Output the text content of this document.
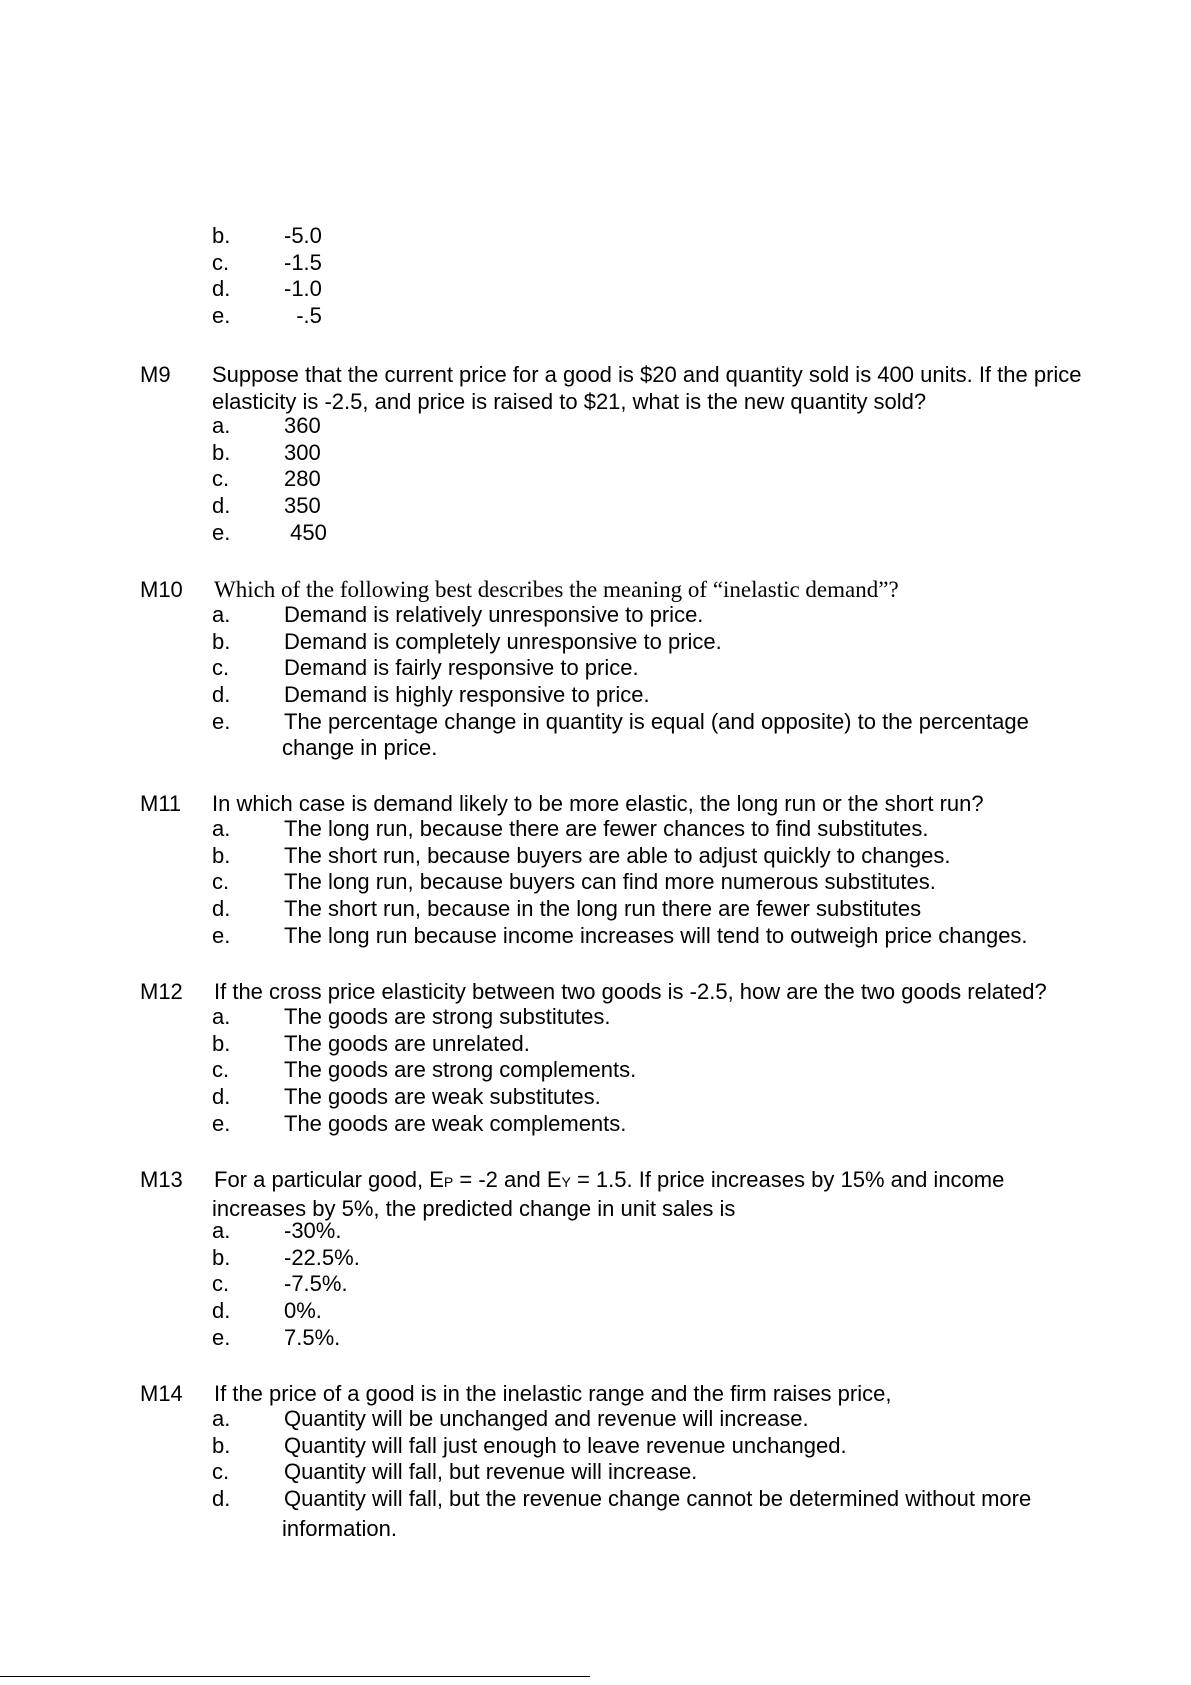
b. -5.0
c. -1.5
d. -1.0
e.  -.5
M9 Suppose that the current price for a good is $20 and quantity sold is 400 units. If the price
elasticity is -2.5, and price is raised to $21, what is the new quantity sold?
a. 360
b. 300
c. 280
d. 350
e. 450
M10 Which of the following best describes the meaning of “inelastic demand”?
a. Demand is relatively unresponsive to price.
b. Demand is completely unresponsive to price.
c. Demand is fairly responsive to price.
d. Demand is highly responsive to price.
e. The percentage change in quantity is equal (and opposite) to the percentage
change in price.
M11 In which case is demand likely to be more elastic, the long run or the short run?
a. The long run, because there are fewer chances to find substitutes.
b. The short run, because buyers are able to adjust quickly to changes.
c. The long run, because buyers can find more numerous substitutes.
d. The short run, because in the long run there are fewer substitutes
e. The long run because income increases will tend to outweigh price changes.
M12 If the cross price elasticity between two goods is -2.5, how are the two goods related?
a. The goods are strong substitutes.
b. The goods are unrelated.
c. The goods are strong complements.
d. The goods are weak substitutes.
e. The goods are weak complements.
M13 For a particular good, EP = -2 and EY = 1.5. If price increases by 15% and income
increases by 5%, the predicted change in unit sales is
a. -30%.
b. -22.5%.
c. -7.5%.
d. 0%.
e. 7.5%.
M14 If the price of a good is in the inelastic range and the firm raises price,
a. Quantity will be unchanged and revenue will increase.
b. Quantity will fall just enough to leave revenue unchanged.
c. Quantity will fall, but revenue will increase.
d. Quantity will fall, but the revenue change cannot be determined without more
information.
